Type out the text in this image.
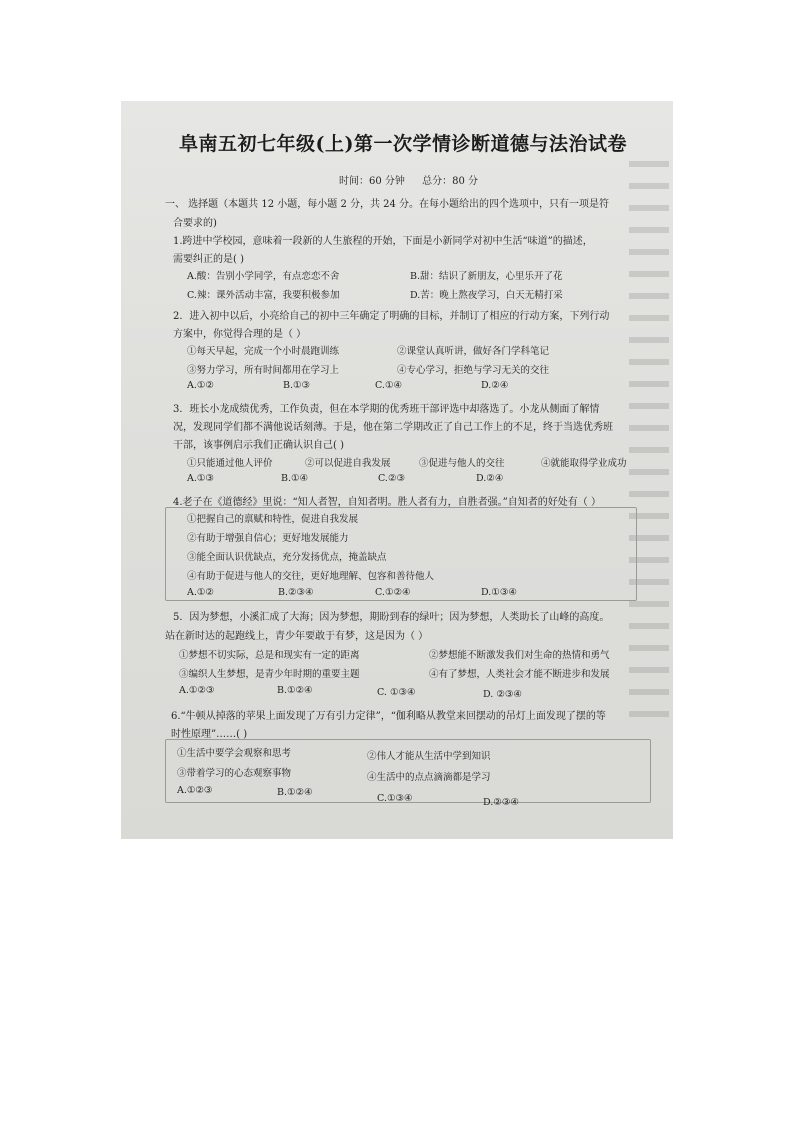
阜南五初七年级(上)第一次学情诊断道德与法治试卷
时间：60 分钟 总分：80 分
一、 选择题（本题共 12 小题，每小题 2 分，共 24 分。在每小题给出的四个选项中，只有一项是符
合要求的)
1.跨进中学校园，意味着一段新的人生旅程的开始，下面是小新同学对初中生活“味道”的描述，
需要纠正的是( )
A.酸：告别小学同学，有点恋恋不舍	B.甜：结识了新朋友，心里乐开了花
C.辣：课外活动丰富，我要积极参加	D.苦：晚上熬夜学习，白天无精打采
2．进入初中以后，小亮给自己的初中三年确定了明确的目标，并制订了相应的行动方案，下列行动
方案中，你觉得合理的是（ ）
①每天早起，完成一个小时晨跑训练	②课堂认真听讲，做好各门学科笔记
③努力学习，所有时间都用在学习上	④专心学习，拒绝与学习无关的交往
A.①②	B.①③	C.①④	D.②④
3．班长小龙成绩优秀，工作负责，但在本学期的优秀班干部评选中却落选了。小龙从侧面了解情
况，发现同学们都不满他说话刻薄。于是，他在第二学期改正了自己工作上的不足，终于当选优秀班
干部，该事例启示我们正确认识自己( )
①只能通过他人评价	②可以促进自我发展	③促进与他人的交往	④就能取得学业成功
A.①③	B.①④	C.②③	D.②④
4.老子在《道德经》里说：“知人者智，自知者明。胜人者有力，自胜者强。”自知者的好处有（ ）
①把握自己的禀赋和特性，促进自我发展
②有助于增强自信心；更好地发展能力
③能全面认识优缺点，充分发扬优点，掩盖缺点
④有助于促进与他人的交往，更好地理解、包容和善待他人
A.①②	B.②③④	C.①②④	D.①③④
5．因为梦想，小溪汇成了大海；因为梦想，期盼到春的绿叶；因为梦想，人类助长了山峰的高度。
站在新时达的起跑线上，青少年要敢于有梦，这是因为（ ）
①梦想不切实际，总是和现实有一定的距离	②梦想能不断激发我们对生命的热情和勇气
③编织人生梦想，是青少年时期的重要主题	④有了梦想，人类社会才能不断进步和发展
A.①②③	B.①②④	C. ①③④	D. ②③④
6.“牛顿从掉落的苹果上面发现了万有引力定律”，“伽利略从教堂来回摆动的吊灯上面发现了摆的等
时性原理”……( )
①生活中要学会观察和思考	②伟人才能从生活中学到知识
③带着学习的心态观察事物	④生活中的点点滴滴都是学习
A.①②③	B.①②④
C.①③④	D.②③④
